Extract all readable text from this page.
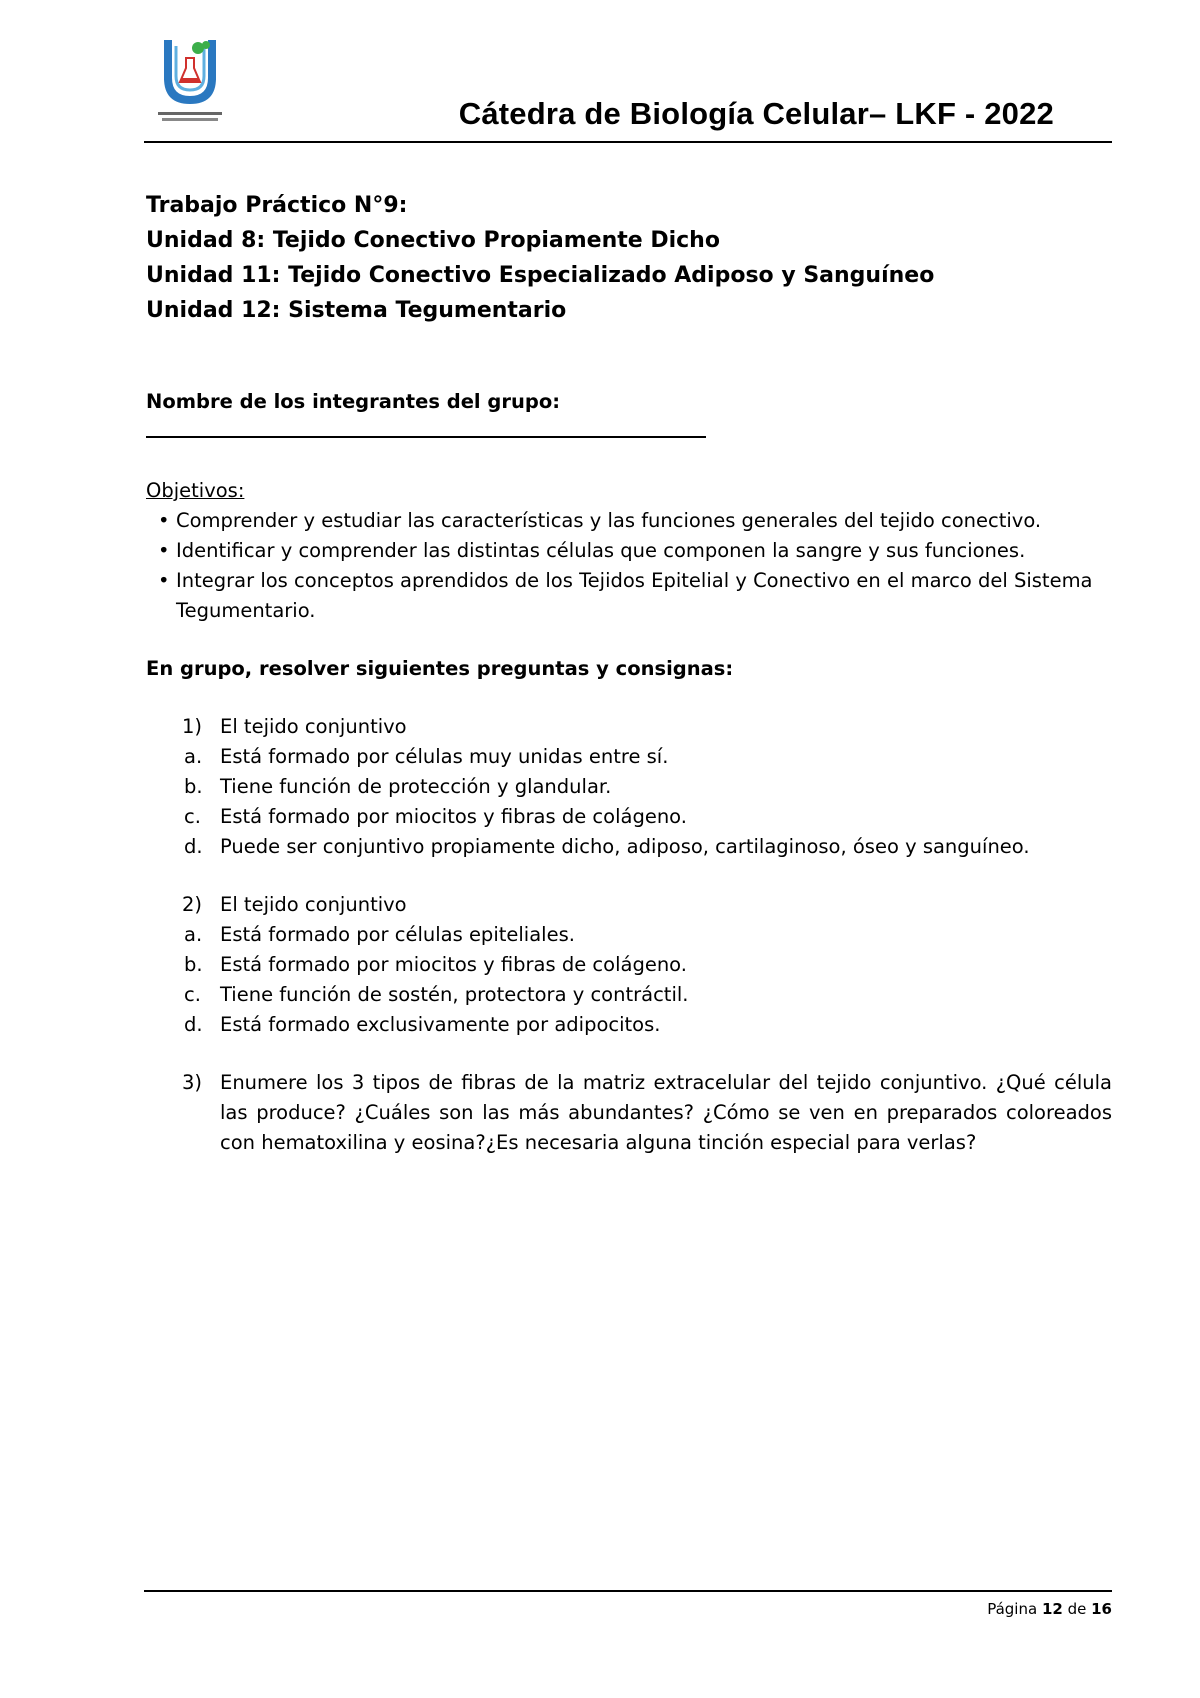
Cátedra de Biología Celular– LKF - 2022
Trabajo Práctico N°9:
Unidad 8: Tejido Conectivo Propiamente Dicho
Unidad 11: Tejido Conectivo Especializado Adiposo y Sanguíneo
Unidad 12: Sistema Tegumentario
Nombre de los integrantes del grupo:
Objetivos:
• Comprender y estudiar las características y las funciones generales del tejido conectivo.
• Identificar y comprender las distintas células que componen la sangre y sus funciones.
• Integrar los conceptos aprendidos de los Tejidos Epitelial y Conectivo en el marco del Sistema Tegumentario.
En grupo, resolver siguientes preguntas y consignas:
1) El tejido conjuntivo
a. Está formado por células muy unidas entre sí.
b. Tiene función de protección y glandular.
c. Está formado por miocitos y fibras de colágeno.
d. Puede ser conjuntivo propiamente dicho, adiposo, cartilaginoso, óseo y sanguíneo.
2) El tejido conjuntivo
a. Está formado por células epiteliales.
b. Está formado por miocitos y fibras de colágeno.
c. Tiene función de sostén, protectora y contráctil.
d. Está formado exclusivamente por adipocitos.
3) Enumere los 3 tipos de fibras de la matriz extracelular del tejido conjuntivo. ¿Qué célula las produce? ¿Cuáles son las más abundantes? ¿Cómo se ven en preparados coloreados con hematoxilina y eosina?¿Es necesaria alguna tinción especial para verlas?
Página 12 de 16
